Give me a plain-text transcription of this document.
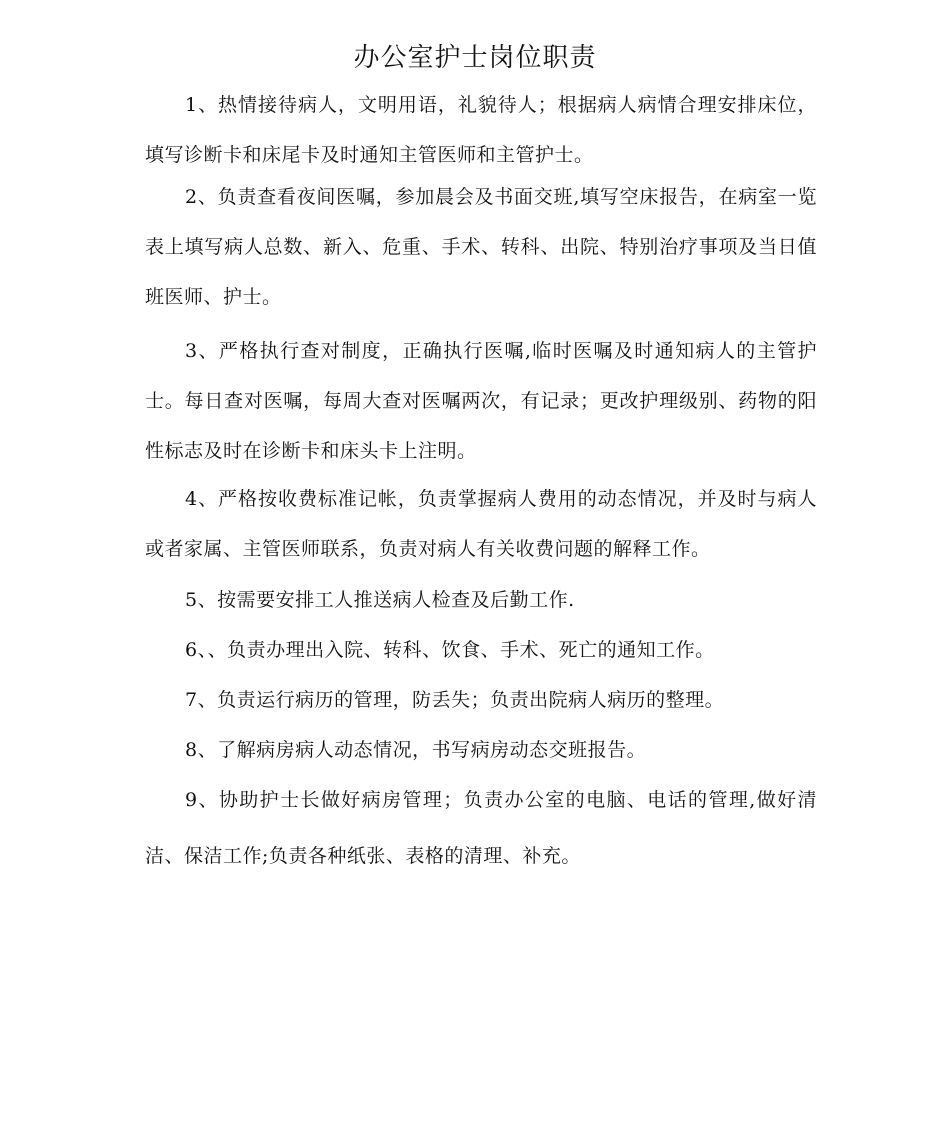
办公室护士岗位职责

1、热情接待病人，文明用语，礼貌待人；根据病人病情合理安排床位，填写诊断卡和床尾卡及时通知主管医师和主管护士。

2、负责查看夜间医嘱，参加晨会及书面交班,填写空床报告，在病室一览表上填写病人总数、新入、危重、手术、转科、出院、特别治疗事项及当日值班医师、护士。

3、严格执行查对制度，正确执行医嘱,临时医嘱及时通知病人的主管护士。每日查对医嘱，每周大查对医嘱两次，有记录；更改护理级别、药物的阳性标志及时在诊断卡和床头卡上注明。

4、严格按收费标准记帐，负责掌握病人费用的动态情况，并及时与病人或者家属、主管医师联系，负责对病人有关收费问题的解释工作。

5、按需要安排工人推送病人检查及后勤工作.

6、、负责办理出入院、转科、饮食、手术、死亡的通知工作。

7、负责运行病历的管理，防丢失；负责出院病人病历的整理。

8、了解病房病人动态情况，书写病房动态交班报告。

9、协助护士长做好病房管理；负责办公室的电脑、电话的管理,做好清洁、保洁工作;负责各种纸张、表格的清理、补充。
